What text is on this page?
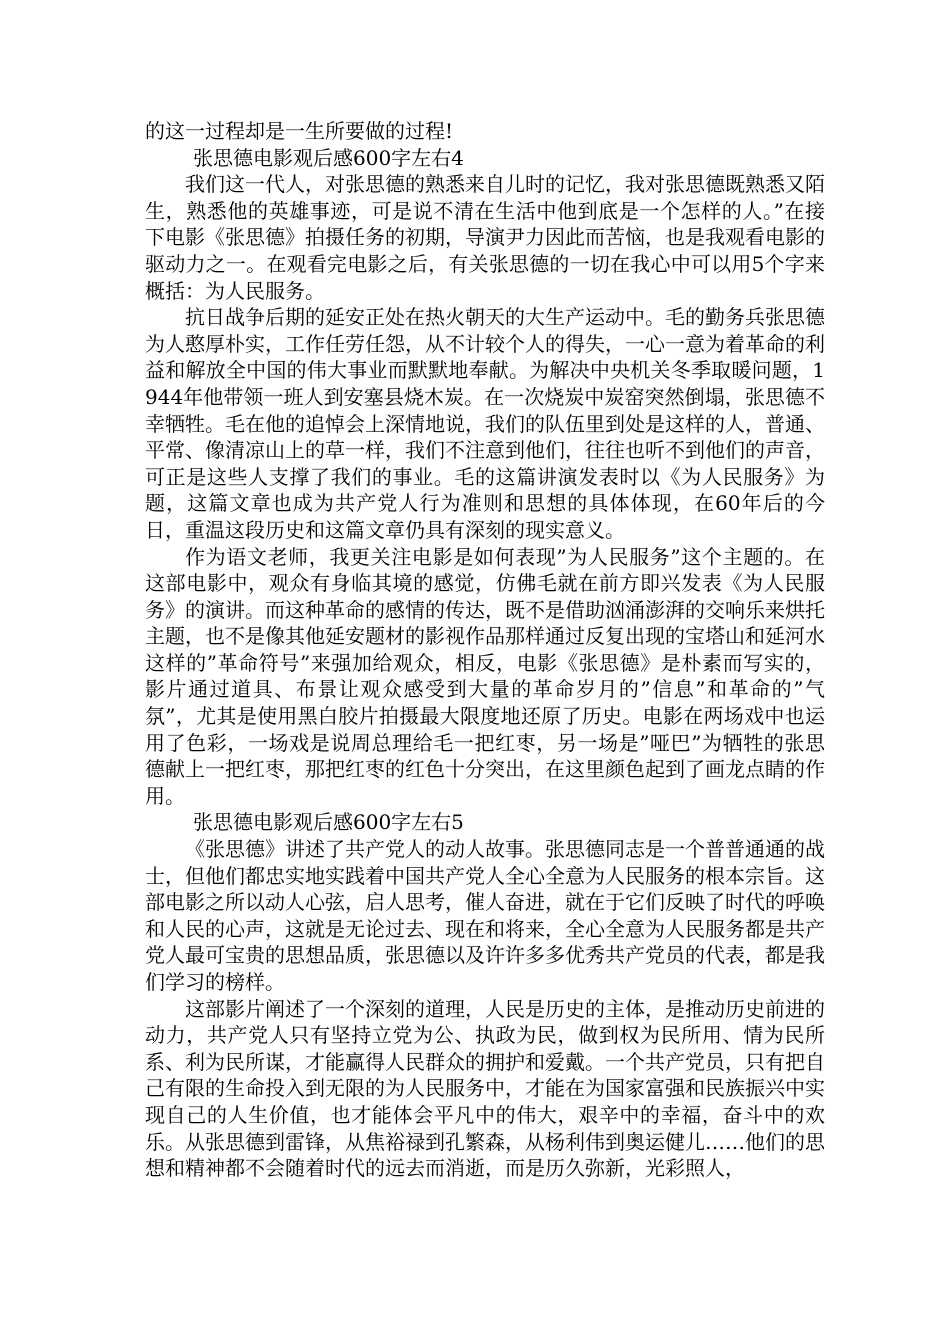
的这一过程却是一生所要做的过程!

张思德电影观后感600字左右4

我们这一代人，对张思德的熟悉来自儿时的记忆，我对张思德既熟悉又陌生，熟悉他的英雄事迹，可是说不清在生活中他到底是一个怎样的人。”在接下电影《张思德》拍摄任务的初期，导演尹力因此而苦恼，也是我观看电影的驱动力之一。在观看完电影之后，有关张思德的一切在我心中可以用5个字来概括：为人民服务。

抗日战争后期的延安正处在热火朝天的大生产运动中。毛的勤务兵张思德为人憨厚朴实，工作任劳任怨，从不计较个人的得失，一心一意为着革命的利益和解放全中国的伟大事业而默默地奉献。为解决中央机关冬季取暖问题，1944年他带领一班人到安塞县烧木炭。在一次烧炭中炭窑突然倒塌，张思德不幸牺牲。毛在他的追悼会上深情地说，我们的队伍里到处是这样的人，普通、平常、像清凉山上的草一样，我们不注意到他们，往往也听不到他们的声音，可正是这些人支撑了我们的事业。毛的这篇讲演发表时以《为人民服务》为题，这篇文章也成为共产党人行为准则和思想的具体体现，在60年后的今日，重温这段历史和这篇文章仍具有深刻的现实意义。

作为语文老师，我更关注电影是如何表现”为人民服务”这个主题的。在这部电影中，观众有身临其境的感觉，仿佛毛就在前方即兴发表《为人民服务》的演讲。而这种革命的感情的传达，既不是借助汹涌澎湃的交响乐来烘托主题，也不是像其他延安题材的影视作品那样通过反复出现的宝塔山和延河水这样的”革命符号”来强加给观众，相反，电影《张思德》是朴素而写实的，影片通过道具、布景让观众感受到大量的革命岁月的”信息”和革命的”气氛”，尤其是使用黑白胶片拍摄最大限度地还原了历史。电影在两场戏中也运用了色彩，一场戏是说周总理给毛一把红枣，另一场是”哑巴”为牺牲的张思德献上一把红枣，那把红枣的红色十分突出，在这里颜色起到了画龙点睛的作用。

张思德电影观后感600字左右5

《张思德》讲述了共产党人的动人故事。张思德同志是一个普普通通的战士，但他们都忠实地实践着中国共产党人全心全意为人民服务的根本宗旨。这部电影之所以动人心弦，启人思考，催人奋进，就在于它们反映了时代的呼唤和人民的心声，这就是无论过去、现在和将来，全心全意为人民服务都是共产党人最可宝贵的思想品质，张思德以及许许多多优秀共产党员的代表，都是我们学习的榜样。

这部影片阐述了一个深刻的道理，人民是历史的主体，是推动历史前进的动力，共产党人只有坚持立党为公、执政为民，做到权为民所用、情为民所系、利为民所谋，才能赢得人民群众的拥护和爱戴。一个共产党员，只有把自己有限的生命投入到无限的为人民服务中，才能在为国家富强和民族振兴中实现自己的人生价值，也才能体会平凡中的伟大，艰辛中的幸福，奋斗中的欢乐。从张思德到雷锋，从焦裕禄到孔繁森，从杨利伟到奥运健儿……他们的思想和精神都不会随着时代的远去而消逝，而是历久弥新，光彩照人，
